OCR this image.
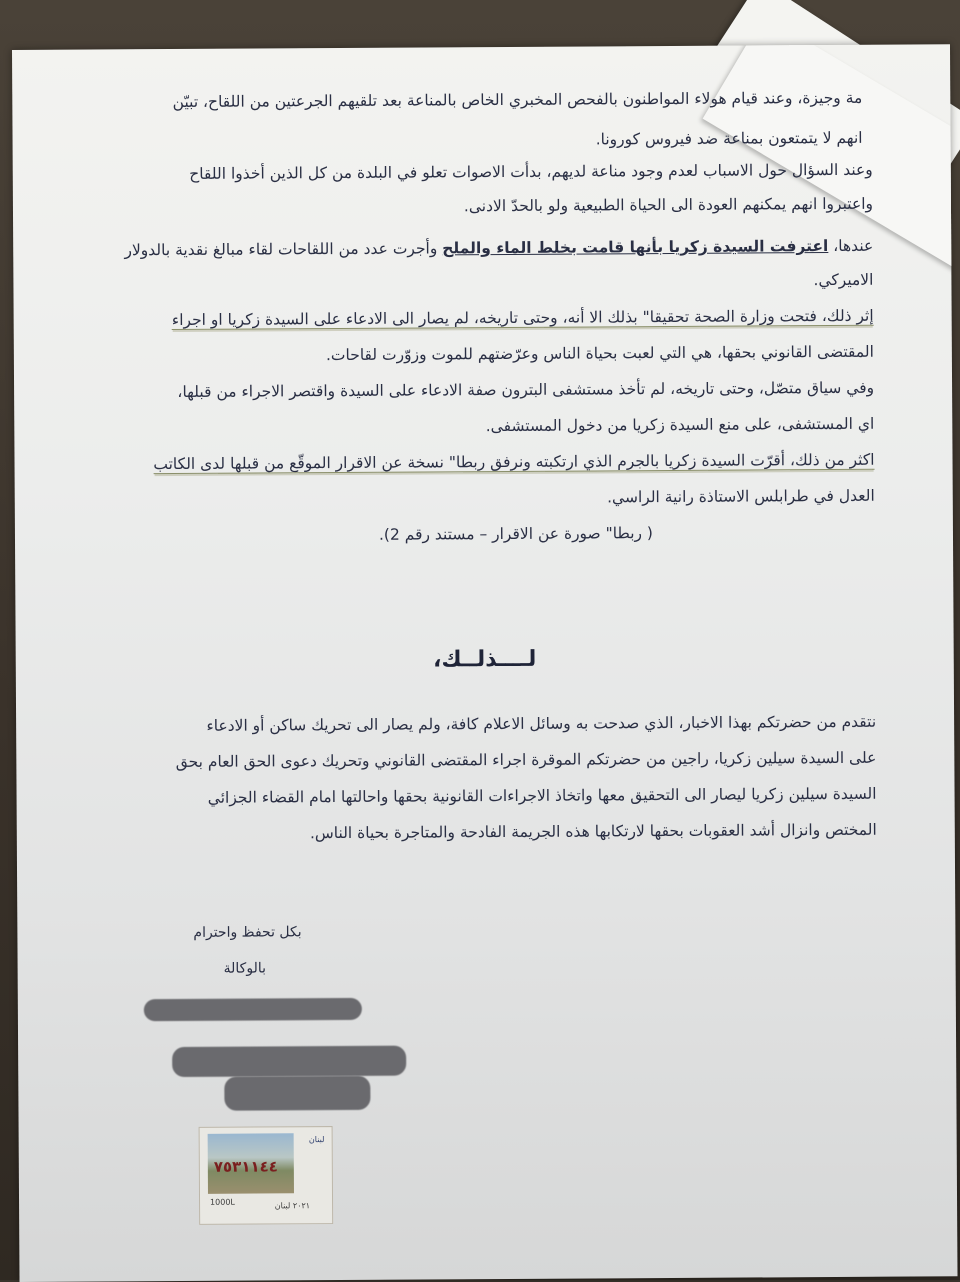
مة وجيزة، وعند قيام هولاء المواطنون بالفحص المخبري الخاص بالمناعة بعد تلقيهم الجرعتين من اللقاح، تبيّن
انهم لا يتمتعون بمناعة ضد فيروس كورونا.
وعند السؤال حول الاسباب لعدم وجود مناعة لديهم، بدأت الاصوات تعلو في البلدة من كل الذين أخذوا اللقاح
واعتبروا انهم يمكنهم العودة الى الحياة الطبيعية ولو بالحدّ الادنى.
عندها، اعترفت السيدة زكريا بأنها قامت بخلط الماء والملح وأجرت عدد من اللقاحات لقاء مبالغ نقدية بالدولار
الاميركي.
إثر ذلك، فتحت وزارة الصحة تحقيقا" بذلك الا أنه، وحتى تاريخه، لم يصار الى الادعاء على السيدة زكريا او اجراء
المقتضى القانوني بحقها، هي التي لعبت بحياة الناس وعرّضتهم للموت وزوّرت لقاحات.
وفي سياق متصّل، وحتى تاريخه، لم تأخذ مستشفى البترون صفة الادعاء على السيدة واقتصر الاجراء من قبلها،
اي المستشفى، على منع السيدة زكريا من دخول المستشفى.
اكثر من ذلك، أقرّت السيدة زكريا بالجرم الذي ارتكبته ونرفق ربطا" نسخة عن الاقرار الموقّع من قبلها لدى الكاتب
العدل في طرابلس الاستاذة رانية الراسي.
( ربطا" صورة عن الاقرار – مستند رقم 2).
لــــذلــك،
نتقدم من حضرتكم بهذا الاخبار، الذي صدحت به وسائل الاعلام كافة، ولم يصار الى تحريك ساكن أو الادعاء
على السيدة سيلين زكريا، راجين من حضرتكم الموقرة اجراء المقتضى القانوني وتحريك دعوى الحق العام بحق
السيدة سيلين زكريا ليصار الى التحقيق معها واتخاذ الاجراءات القانونية بحقها واحالتها امام القضاء الجزائي
المختص وانزال أشد العقوبات بحقها لارتكابها هذه الجريمة الفادحة والمتاجرة بحياة الناس.
بكل تحفظ واحترام
بالوكالة
٧٥٣١١٤٤
1000L
لبنان
٢٠٢١ لبنان
